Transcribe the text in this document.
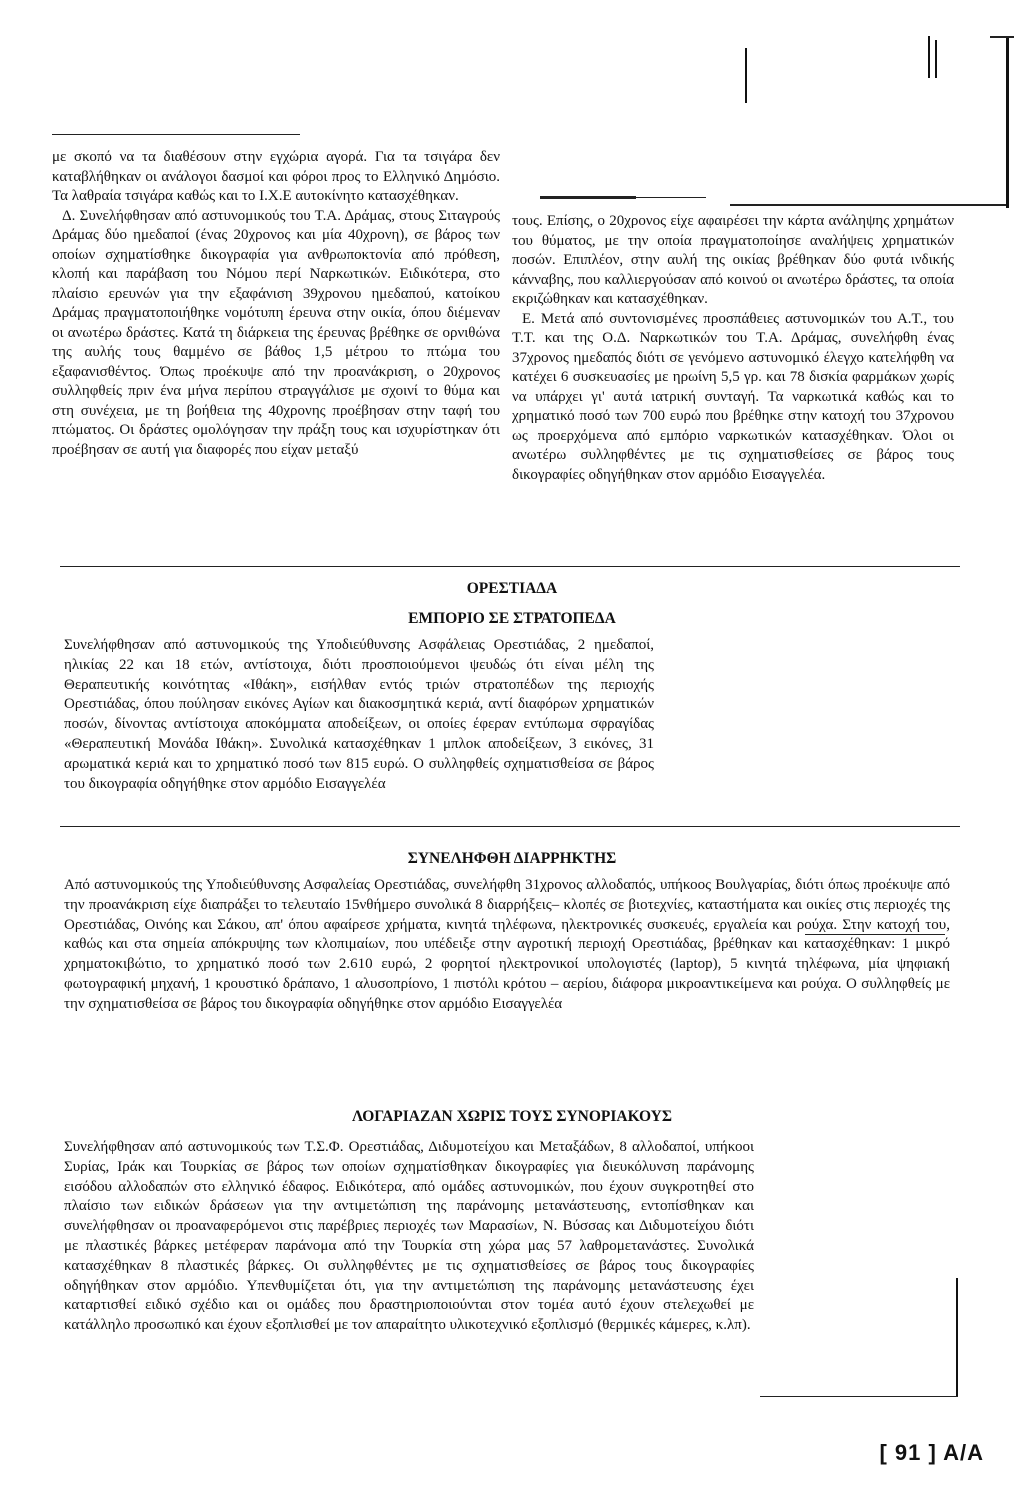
με σκοπό να τα διαθέσουν στην εγχώρια αγορά. Για τα τσιγάρα δεν καταβλήθηκαν οι ανάλογοι δασμοί και φόροι προς το Ελληνικό Δημόσιο. Τα λαθραία τσιγάρα καθώς και το Ι.Χ.Ε αυτοκίνητο κατασχέθηκαν.

Δ. Συνελήφθησαν από αστυνομικούς του Τ.Α. Δράμας, στους Σιταγρούς Δράμας δύο ημεδαποί (ένας 20χρονος και μία 40χρονη), σε βάρος των οποίων σχηματίσθηκε δικογραφία για ανθρωποκτονία από πρόθεση, κλοπή και παράβαση του Νόμου περί Ναρκωτικών. Ειδικότερα, στο πλαίσιο ερευνών για την εξαφάνιση 39χρονου ημεδαπού, κατοίκου Δράμας πραγματοποιήθηκε νομότυπη έρευνα στην οικία, όπου διέμεναν οι ανωτέρω δράστες. Κατά τη διάρκεια της έρευνας βρέθηκε σε ορνιθώνα της αυλής τους θαμμένο σε βάθος 1,5 μέτρου το πτώμα του εξαφανισθέντος. Όπως προέκυψε από την προανάκριση, ο 20χρονος συλληφθείς πριν ένα μήνα περίπου στραγγάλισε με σχοινί το θύμα και στη συνέχεια, με τη βοήθεια της 40χρονης προέβησαν στην ταφή του πτώματος. Οι δράστες ομολόγησαν την πράξη τους και ισχυρίστηκαν ότι προέβησαν σε αυτή για διαφορές που είχαν μεταξύ

τους. Επίσης, ο 20χρονος είχε αφαιρέσει την κάρτα ανάληψης χρημάτων του θύματος, με την οποία πραγματοποίησε αναλήψεις χρηματικών ποσών. Επιπλέον, στην αυλή της οικίας βρέθηκαν δύο φυτά ινδικής κάνναβης, που καλλιεργούσαν από κοινού οι ανωτέρω δράστες, τα οποία εκριζώθηκαν και κατασχέθηκαν.

Ε. Μετά από συντονισμένες προσπάθειες αστυνομικών του Α.Τ., του Τ.Τ. και της Ο.Δ. Ναρκωτικών του Τ.Α. Δράμας, συνελήφθη ένας 37χρονος ημεδαπός διότι σε γενόμενο αστυνομικό έλεγχο κατελήφθη να κατέχει 6 συσκευασίες με ηρωίνη 5,5 γρ. και 78 δισκία φαρμάκων χωρίς να υπάρχει γι' αυτά ιατρική συνταγή. Τα ναρκωτικά καθώς και το χρηματικό ποσό των 700 ευρώ που βρέθηκε στην κατοχή του 37χρονου ως προερχόμενα από εμπόριο ναρκωτικών κατασχέθηκαν. Όλοι οι ανωτέρω συλληφθέντες με τις σχηματισθείσες σε βάρος τους δικογραφίες οδηγήθηκαν στον αρμόδιο Εισαγγελέα.

ΟΡΕΣΤΙΑΔΑ
ΕΜΠΟΡΙΟ ΣΕ ΣΤΡΑΤΟΠΕΔΑ

Συνελήφθησαν από αστυνομικούς της Υποδιεύθυνσης Ασφάλειας Ορεστιάδας, 2 ημεδαποί, ηλικίας 22 και 18 ετών, αντίστοιχα, διότι προσποιούμενοι ψευδώς ότι είναι μέλη της Θεραπευτικής κοινότητας «Ιθάκη», εισήλθαν εντός τριών στρατοπέδων της περιοχής Ορεστιάδας, όπου πούλησαν εικόνες Αγίων και διακοσμητικά κεριά, αντί διαφόρων χρηματικών ποσών, δίνοντας αντίστοιχα αποκόμματα αποδείξεων, οι οποίες έφεραν εντύπωμα σφραγίδας «Θεραπευτική Μονάδα Ιθάκη». Συνολικά κατασχέθηκαν 1 μπλοκ αποδείξεων, 3 εικόνες, 31 αρωματικά κεριά και το χρηματικό ποσό των 815 ευρώ. Ο συλληφθείς σχηματισθείσα σε βάρος του δικογραφία οδηγήθηκε στον αρμόδιο Εισαγγελέα

ΣΥΝΕΛΗΦΘΗ ΔΙΑΡΡΗΚΤΗΣ

Από αστυνομικούς της Υποδιεύθυνσης Ασφαλείας Ορεστιάδας, συνελήφθη 31χρονος αλλοδαπός, υπήκοος Βουλγαρίας, διότι όπως προέκυψε από την προανάκριση είχε διαπράξει το τελευταίο 15νθήμερο συνολικά 8 διαρρήξεις– κλοπές σε βιοτεχνίες, καταστήματα και οικίες στις περιοχές της Ορεστιάδας, Οινόης και Σάκου, απ' όπου αφαίρεσε χρήματα, κινητά τηλέφωνα, ηλεκτρονικές συσκευές, εργαλεία και ρούχα. Στην κατοχή του, καθώς και στα σημεία απόκρυψης των κλοπιμαίων, που υπέδειξε στην αγροτική περιοχή Ορεστιάδας, βρέθηκαν και κατασχέθηκαν: 1 μικρό χρηματοκιβώτιο, το χρηματικό ποσό των 2.610 ευρώ, 2 φορητοί ηλεκτρονικοί υπολογιστές (laptop), 5 κινητά τηλέφωνα, μία ψηφιακή φωτογραφική μηχανή, 1 κρουστικό δράπανο, 1 αλυσοπρίονο, 1 πιστόλι κρότου – αερίου, διάφορα μικροαντικείμενα και ρούχα. Ο συλληφθείς με την σχηματισθείσα σε βάρος του δικογραφία οδηγήθηκε στον αρμόδιο Εισαγγελέα

ΛΟΓΑΡΙΑΖΑΝ ΧΩΡΙΣ ΤΟΥΣ ΣΥΝΟΡΙΑΚΟΥΣ

Συνελήφθησαν από αστυνομικούς των Τ.Σ.Φ. Ορεστιάδας, Διδυμοτείχου και Μεταξάδων, 8 αλλοδαποί, υπήκοοι Συρίας, Ιράκ και Τουρκίας σε βάρος των οποίων σχηματίσθηκαν δικογραφίες για διευκόλυνση παράνομης εισόδου αλλοδαπών στο ελληνικό έδαφος. Ειδικότερα, από ομάδες αστυνομικών, που έχουν συγκροτηθεί στο πλαίσιο των ειδικών δράσεων για την αντιμετώπιση της παράνομης μετανάστευσης, εντοπίσθηκαν και συνελήφθησαν οι προαναφερόμενοι στις παρέβριες περιοχές των Μαρασίων, Ν. Βύσσας και Διδυμοτείχου διότι με πλαστικές βάρκες μετέφεραν παράνομα από την Τουρκία στη χώρα μας 57 λαθρομετανάστες. Συνολικά κατασχέθηκαν 8 πλαστικές βάρκες. Οι συλληφθέντες με τις σχηματισθείσες σε βάρος τους δικογραφίες οδηγήθηκαν στον αρμόδιο. Υπενθυμίζεται ότι, για την αντιμετώπιση της παράνομης μετανάστευσης έχει καταρτισθεί ειδικό σχέδιο και οι ομάδες που δραστηριοποιούνται στον τομέα αυτό έχουν στελεχωθεί με κατάλληλο προσωπικό και έχουν εξοπλισθεί με τον απαραίτητο υλικοτεχνικό εξοπλισμό (θερμικές κάμερες, κ.λπ).

[ 91 ] Α/Α
